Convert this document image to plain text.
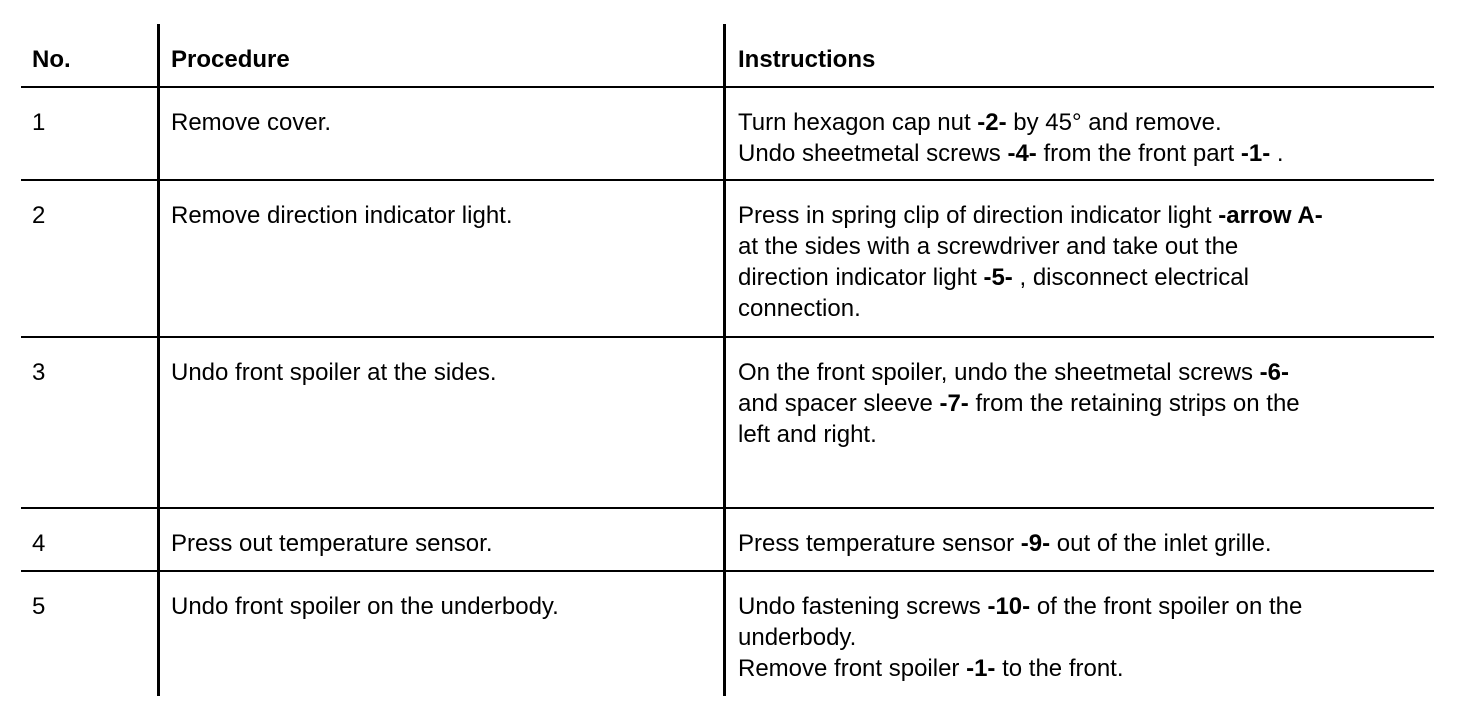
No.	Procedure	Instructions
1	Remove cover.	Turn hexagon cap nut -2- by 45° and remove.
Undo sheetmetal screws -4- from the front part -1- .
2	Remove direction indicator light.	Press in spring clip of direction indicator light -arrow A-
at the sides with a screwdriver and take out the
direction indicator light -5- , disconnect electrical
connection.
3	Undo front spoiler at the sides.	On the front spoiler, undo the sheetmetal screws -6-
and spacer sleeve -7- from the retaining strips on the
left and right.
4	Press out temperature sensor.	Press temperature sensor -9- out of the inlet grille.
5	Undo front spoiler on the underbody.	Undo fastening screws -10- of the front spoiler on the
underbody.
Remove front spoiler -1- to the front.
